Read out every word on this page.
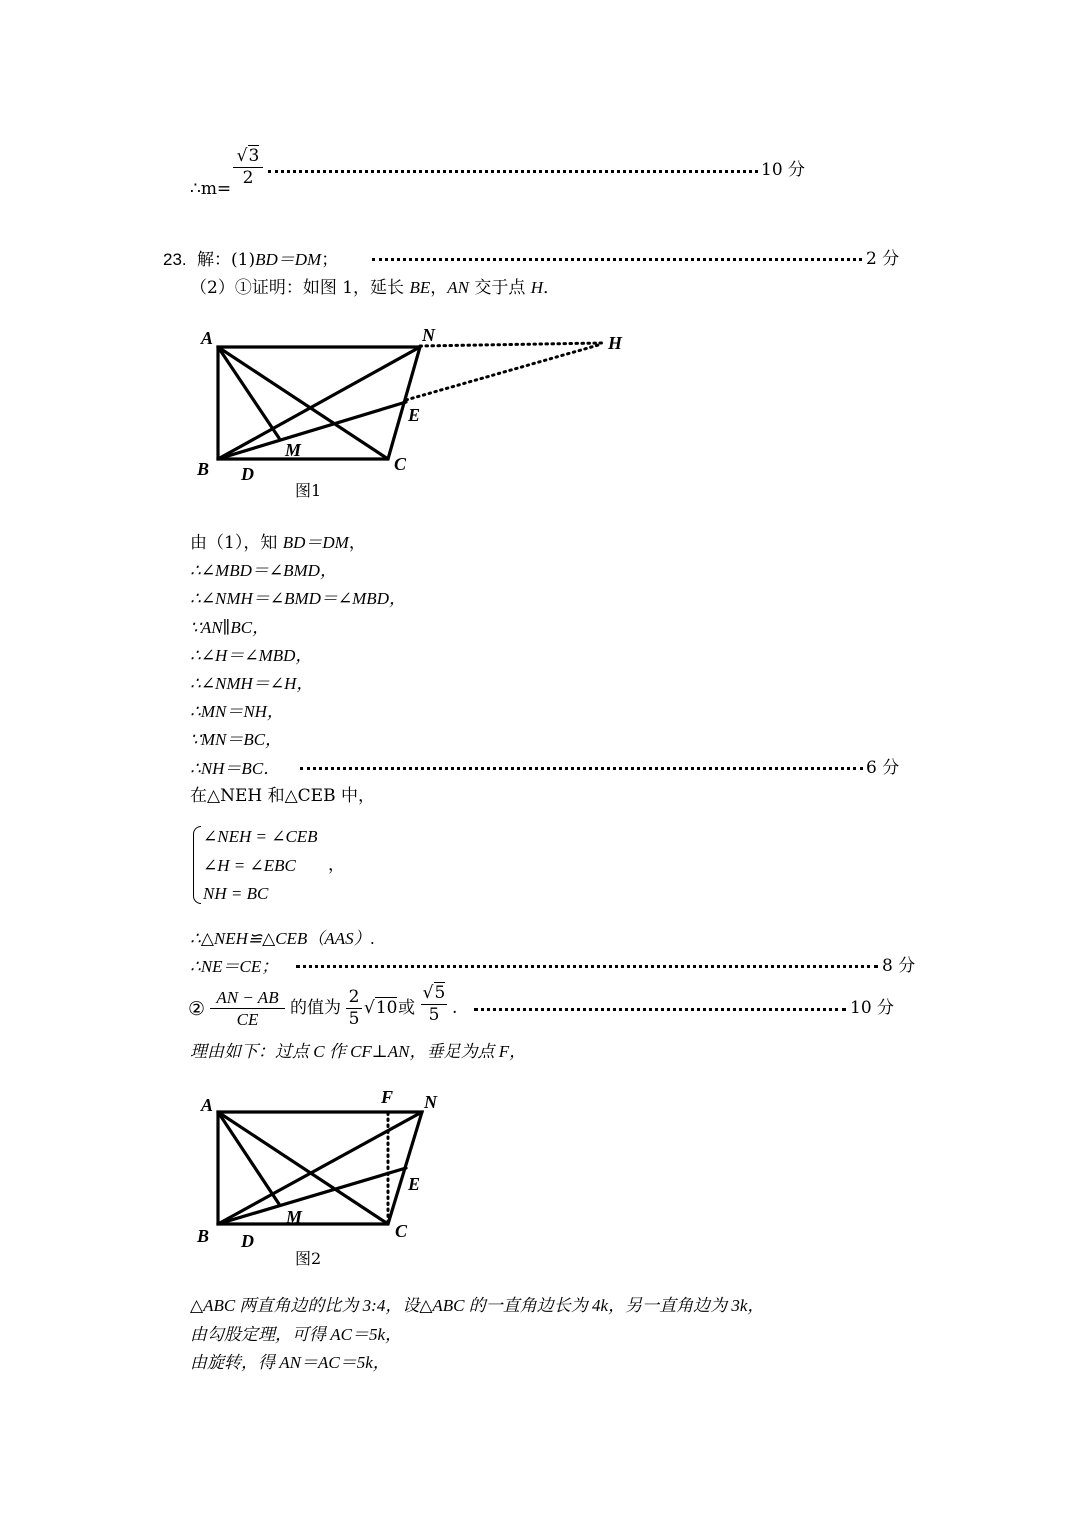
∴m=
√3
2	10 分
23. 解：(1)BD＝DM；	2 分
（2）①证明：如图 1，延长 BE，AN 交于点 H．
A	N	H
E
M
B D	C
图1
由（1），知 BD＝DM，
∴∠MBD＝∠BMD，
∴∠NMH＝∠BMD＝∠MBD，
∵AN∥BC，
∴∠H＝∠MBD，
∴∠NMH＝∠H，
∴MN＝NH，
∵MN＝BC，
∴NH＝BC．	6 分
在△NEH 和△CEB 中，
∠NEH = ∠CEB
∠H = ∠EBC
NH = BC
，
∴△NEH≌△CEB（AAS）.
∴NE＝CE；	8 分
②
AN − AB
CE
的值为
2
5
√10 或
√5
5 .	10 分
理由如下：过点 C 作 CF⊥AN，垂足为点 F，
A	F N
E
M
B D	C
图2
△ABC 两直角边的比为 3:4，设△ABC 的一直角边长为 4k，另一直角边为 3k，
由勾股定理，可得 AC＝5k，
由旋转，得 AN＝AC＝5k，
